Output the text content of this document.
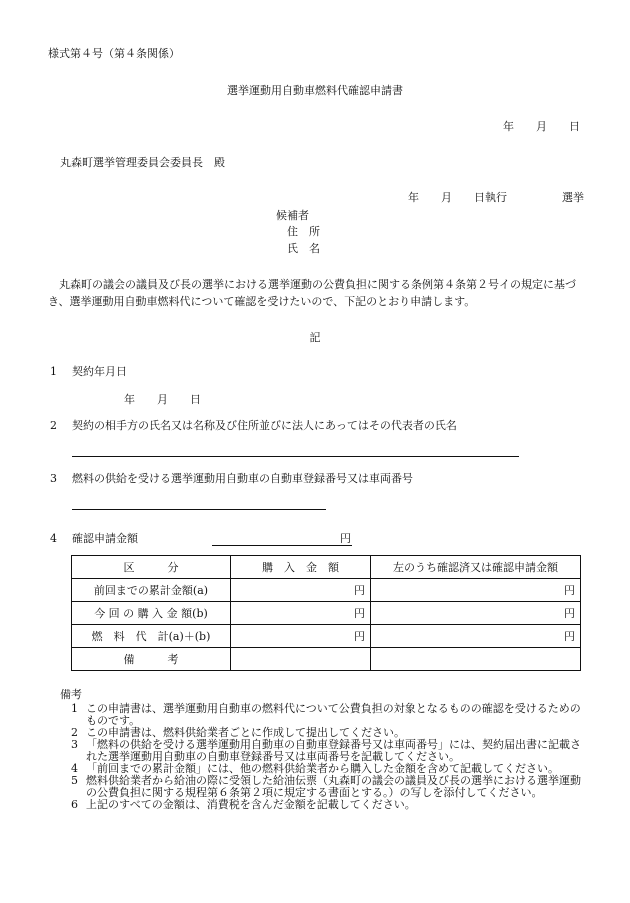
様式第４号（第４条関係）
選挙運動用自動車燃料代確認申請書
年　　月　　日
丸森町選挙管理委員会委員長　殿
年　　月　　日執行　　　　　選挙
候補者
住　所
氏　名
丸森町の議会の議員及び長の選挙における選挙運動の公費負担に関する条例第４条第２号イの規定に基づき、選挙運動用自動車燃料代について確認を受けたいので、下記のとおり申請します。
記
1 契約年月日
年　　月　　日
2 契約の相手方の氏名又は名称及び住所並びに法人にあってはその代表者の氏名
3 燃料の供給を受ける選挙運動用自動車の自動車登録番号又は車両番号
4 確認申請金額	円
区　　　分	購　入　金　額	左のうち確認済又は確認申請金額
前回までの累計金額(a)	円	円
今 回 の 購 入 金 額(b)	円	円
燃　料　代　計(a)＋(b)	円	円
備　　　考		
備考
1 この申請書は、選挙運動用自動車の燃料代について公費負担の対象となるものの確認を受けるためのものです。
2 この申請書は、燃料供給業者ごとに作成して提出してください。
3 「燃料の供給を受ける選挙運動用自動車の自動車登録番号又は車両番号」には、契約届出書に記載された選挙運動用自動車の自動車登録番号又は車両番号を記載してください。
4 「前回までの累計金額」には、他の燃料供給業者から購入した金額を含めて記載してください。
5 燃料供給業者から給油の際に受領した給油伝票（丸森町の議会の議員及び長の選挙における選挙運動の公費負担に関する規程第６条第２項に規定する書面とする。）の写しを添付してください。
6 上記のすべての金額は、消費税を含んだ金額を記載してください。
